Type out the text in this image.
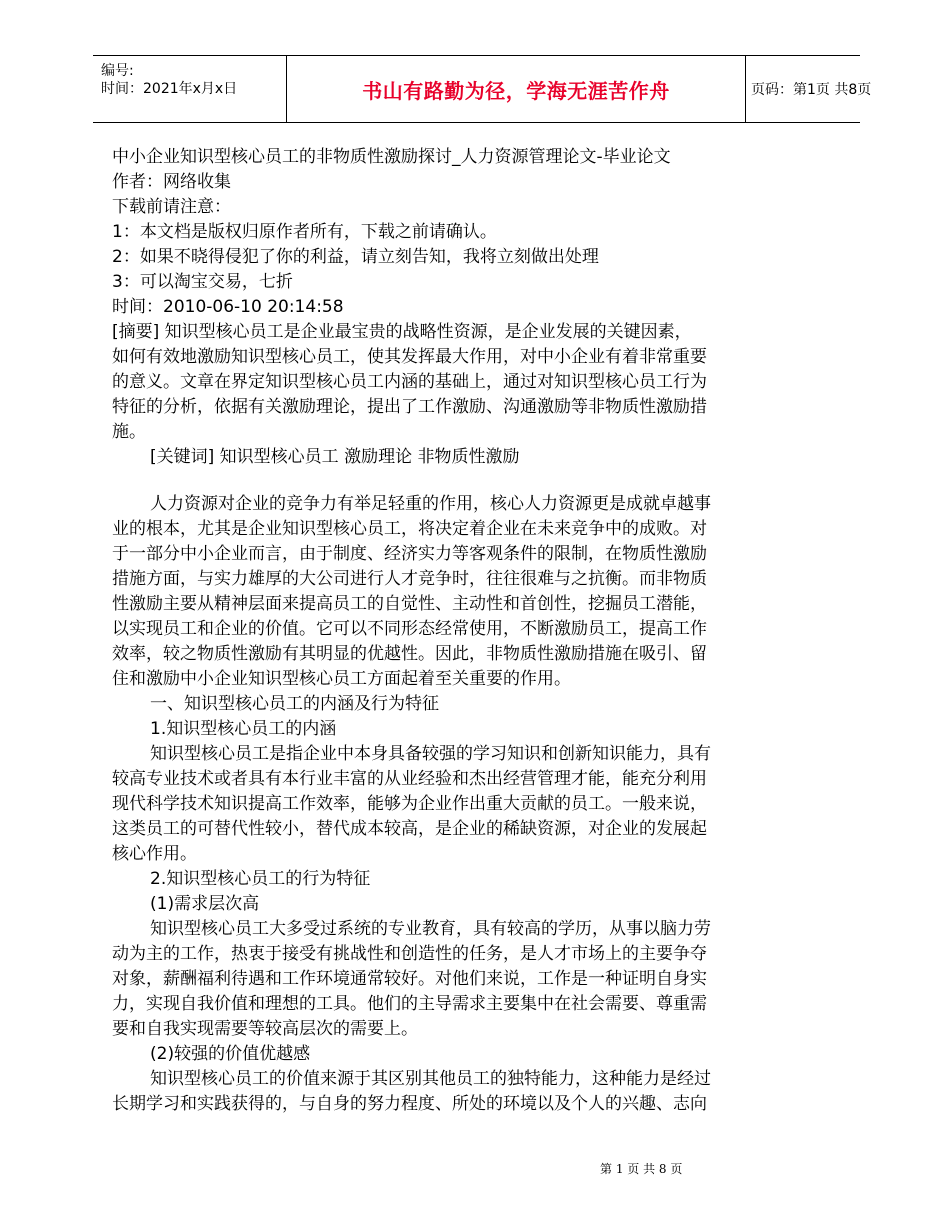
编号:
时间：2021年x月x日	书山有路勤为径，学海无涯苦作舟	页码：第1页 共8页
中小企业知识型核心员工的非物质性激励探讨_人力资源管理论文-毕业论文
作者：网络收集
下载前请注意：
1：本文档是版权归原作者所有，下载之前请确认。
2：如果不晓得侵犯了你的利益，请立刻告知，我将立刻做出处理
3：可以淘宝交易，七折
时间：2010-06-10 20:14:58
[摘要] 知识型核心员工是企业最宝贵的战略性资源，是企业发展的关键因素，
如何有效地激励知识型核心员工，使其发挥最大作用，对中小企业有着非常重要
的意义。文章在界定知识型核心员工内涵的基础上，通过对知识型核心员工行为
特征的分析，依据有关激励理论，提出了工作激励、沟通激励等非物质性激励措
施。
[关键词] 知识型核心员工 激励理论 非物质性激励
人力资源对企业的竞争力有举足轻重的作用，核心人力资源更是成就卓越事
业的根本，尤其是企业知识型核心员工，将决定着企业在未来竞争中的成败。对
于一部分中小企业而言，由于制度、经济实力等客观条件的限制，在物质性激励
措施方面，与实力雄厚的大公司进行人才竞争时，往往很难与之抗衡。而非物质
性激励主要从精神层面来提高员工的自觉性、主动性和首创性，挖掘员工潜能，
以实现员工和企业的价值。它可以不同形态经常使用，不断激励员工，提高工作
效率，较之物质性激励有其明显的优越性。因此，非物质性激励措施在吸引、留
住和激励中小企业知识型核心员工方面起着至关重要的作用。
一、知识型核心员工的内涵及行为特征
1.知识型核心员工的内涵
知识型核心员工是指企业中本身具备较强的学习知识和创新知识能力，具有
较高专业技术或者具有本行业丰富的从业经验和杰出经营管理才能，能充分利用
现代科学技术知识提高工作效率，能够为企业作出重大贡献的员工。一般来说，
这类员工的可替代性较小，替代成本较高，是企业的稀缺资源，对企业的发展起
核心作用。
2.知识型核心员工的行为特征
(1)需求层次高
知识型核心员工大多受过系统的专业教育，具有较高的学历，从事以脑力劳
动为主的工作，热衷于接受有挑战性和创造性的任务，是人才市场上的主要争夺
对象，薪酬福利待遇和工作环境通常较好。对他们来说，工作是一种证明自身实
力，实现自我价值和理想的工具。他们的主导需求主要集中在社会需要、尊重需
要和自我实现需要等较高层次的需要上。
(2)较强的价值优越感
知识型核心员工的价值来源于其区别其他员工的独特能力，这种能力是经过
长期学习和实践获得的，与自身的努力程度、所处的环境以及个人的兴趣、志向
第 1 页 共 8 页
